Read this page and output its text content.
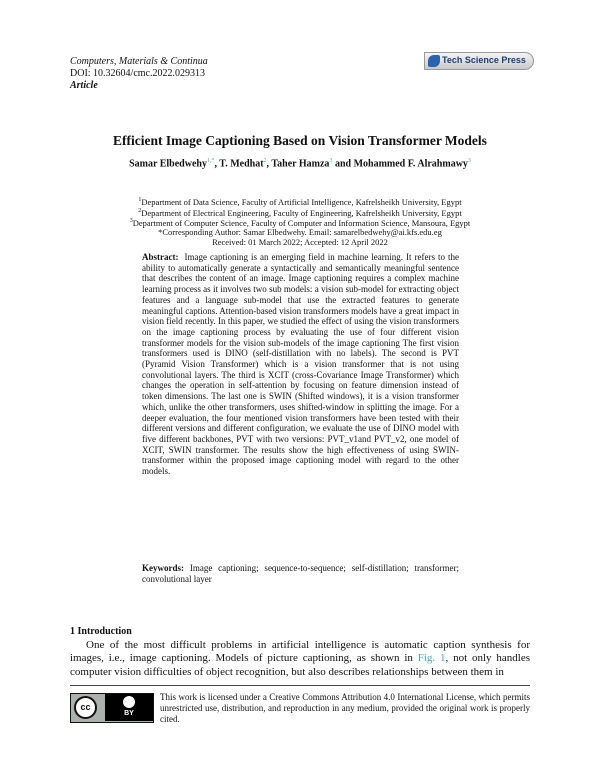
Computers, Materials & Continua
DOI: 10.32604/cmc.2022.029313
Article
Tech Science Press
Efficient Image Captioning Based on Vision Transformer Models
Samar Elbedwehy$^{1,*}$, T. Medhat$^2$, Taher Hamza$^3$ and Mohammed F. Alrahmawy$^3$
$^1$Department of Data Science, Faculty of Artificial Intelligence, Kafrelsheikh University, Egypt
$^2$Department of Electrical Engineering, Faculty of Engineering, Kafrelsheikh University, Egypt
$^3$Department of Computer Science, Faculty of Computer and Information Science, Mansoura, Egypt
*Corresponding Author: Samar Elbedwehy. Email: samarelbedwehy@ai.kfs.edu.eg
Received: 01 March 2022; Accepted: 12 April 2022
Abstract: Image captioning is an emerging field in machine learning. It refers to the ability to automatically generate a syntactically and semantically meaningful sentence that describes the content of an image. Image captioning requires a complex machine learning process as it involves two sub models: a vision sub-model for extracting object features and a language sub-model that use the extracted features to generate meaningful captions. Attention-based vision transformers models have a great impact in vision field recently. In this paper, we studied the effect of using the vision transformers on the image captioning process by evaluating the use of four different vision transformer models for the vision sub-models of the image captioning The first vision transformers used is DINO (self-distillation with no labels). The second is PVT (Pyramid Vision Transformer) which is a vision transformer that is not using convolutional layers. The third is XCIT (cross-Covariance Image Transformer) which changes the operation in self-attention by focusing on feature dimension instead of token dimensions. The last one is SWIN (Shifted windows), it is a vision transformer which, unlike the other transformers, uses shifted-window in splitting the image. For a deeper evaluation, the four mentioned vision transformers have been tested with their different versions and different configuration, we evaluate the use of DINO model with five different backbones, PVT with two versions: PVT_v1and PVT_v2, one model of XCIT, SWIN transformer. The results show the high effectiveness of using SWIN-transformer within the proposed image captioning model with regard to the other models.
Keywords: Image captioning; sequence-to-sequence; self-distillation; transformer; convolutional layer
1 Introduction
One of the most difficult problems in artificial intelligence is automatic caption synthesis for images, i.e., image captioning. Models of picture captioning, as shown in Fig. 1, not only handles computer vision difficulties of object recognition, but also describes relationships between them in
cc
BY
This work is licensed under a Creative Commons Attribution 4.0 International License, which permits unrestricted use, distribution, and reproduction in any medium, provided the original work is properly cited.
